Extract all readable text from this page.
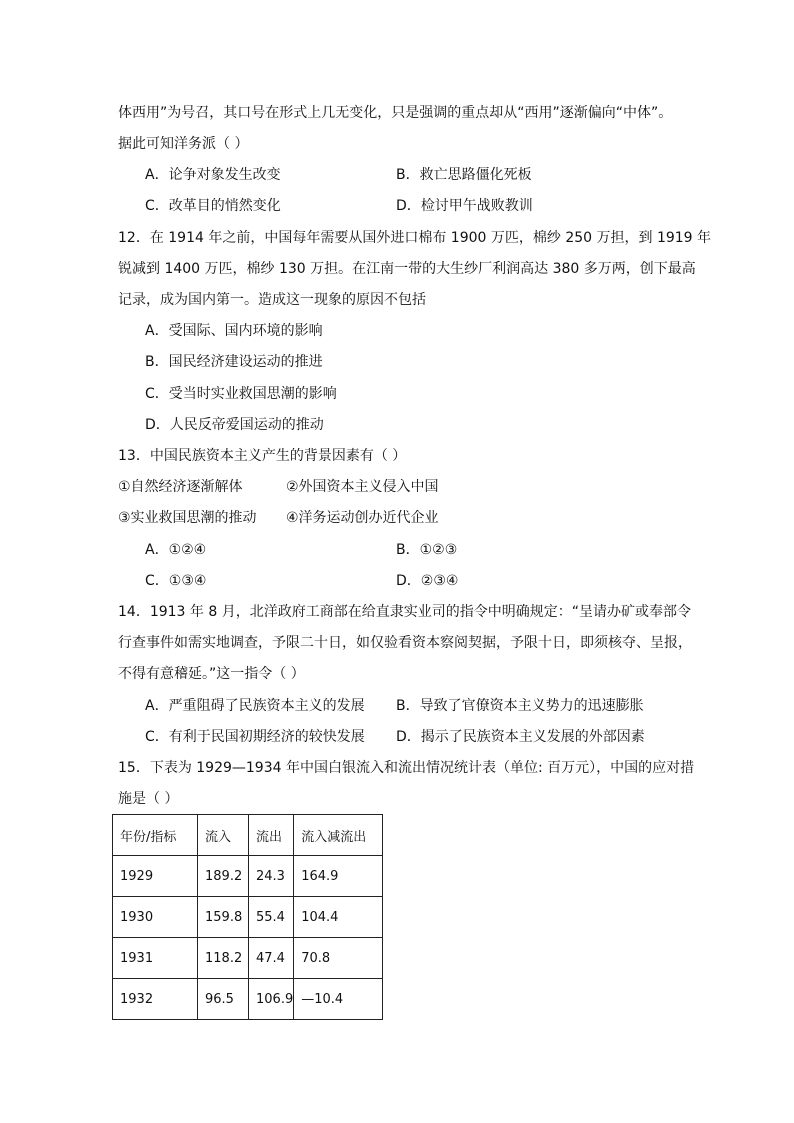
体西用”为号召，其口号在形式上几无变化，只是强调的重点却从“西用”逐渐偏向“中体”。
据此可知洋务派（ ）
A．论争对象发生改变	B．救亡思路僵化死板
C．改革目的悄然变化	D．检讨甲午战败教训
12．在 1914 年之前，中国每年需要从国外进口棉布 1900 万匹，棉纱 250 万担，到 1919 年
锐减到 1400 万匹，棉纱 130 万担。在江南一带的大生纱厂利润高达 380 多万两，创下最高
记录，成为国内第一。造成这一现象的原因不包括
A．受国际、国内环境的影响
B．国民经济建设运动的推进
C．受当时实业救国思潮的影响
D．人民反帝爱国运动的推动
13．中国民族资本主义产生的背景因素有（ ）
①自然经济逐渐解体	②外国资本主义侵入中国
③实业救国思潮的推动 ④洋务运动创办近代企业
A．①②④	B．①②③
C．①③④	D．②③④
14．1913 年 8 月，北洋政府工商部在给直隶实业司的指令中明确规定：“呈请办矿或奉部令
行查事件如需实地调查，予限二十日，如仅验看资本察阅契据，予限十日，即须核夺、呈报，
不得有意稽延。”这一指令（ ）
A．严重阻碍了民族资本主义的发展 B．导致了官僚资本主义势力的迅速膨胀
C．有利于民国初期经济的较快发展 D．揭示了民族资本主义发展的外部因素
15．下表为 1929—1934 年中国白银流入和流出情况统计表（单位: 百万元），中国的应对措
施是（ ）
年份/指标	流入	流出	流入减流出
1929	189.2	24.3	164.9
1930	159.8	55.4	104.4
1931	118.2	47.4	70.8
1932	96.5	106.9	—10.4
